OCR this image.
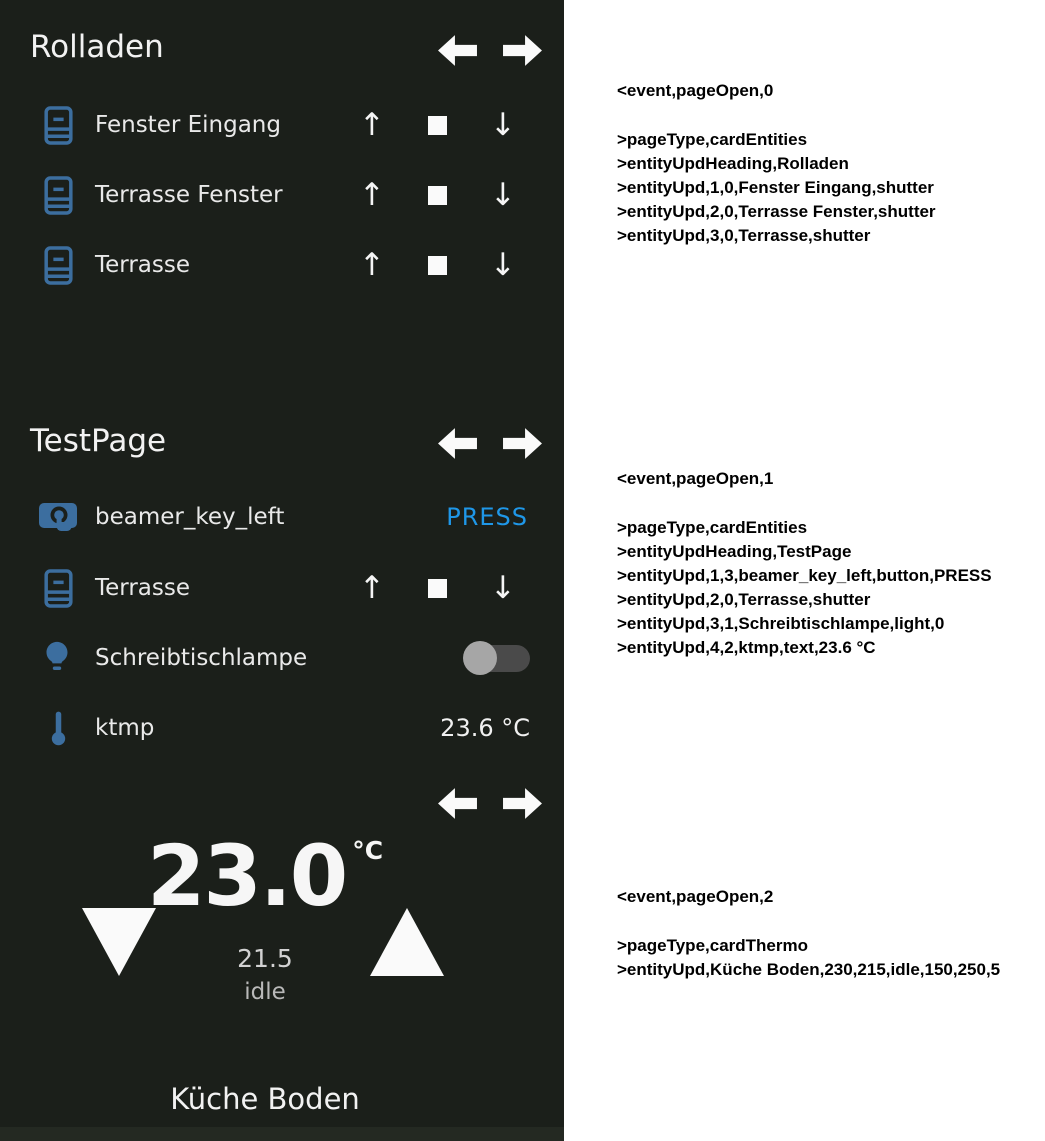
Rolladen
Fenster Eingang	↑	↓
Terrasse Fenster ↑	↓
Terrasse	↑	↓
TestPage
beamer_key_left	PRESS
Terrasse	↑	↓
Schreibtischlampe
ktmp	23.6 °C
23.0 °C
21.5
idle
Küche Boden
<event,pageOpen,0
>pageType,cardEntities
>entityUpdHeading,Rolladen
>entityUpd,1,0,Fenster Eingang,shutter
>entityUpd,2,0,Terrasse Fenster,shutter
>entityUpd,3,0,Terrasse,shutter
<event,pageOpen,1
>pageType,cardEntities
>entityUpdHeading,TestPage
>entityUpd,1,3,beamer_key_left,button,PRESS
>entityUpd,2,0,Terrasse,shutter
>entityUpd,3,1,Schreibtischlampe,light,0
>entityUpd,4,2,ktmp,text,23.6 °C
<event,pageOpen,2
>pageType,cardThermo
>entityUpd,Küche Boden,230,215,idle,150,250,5
